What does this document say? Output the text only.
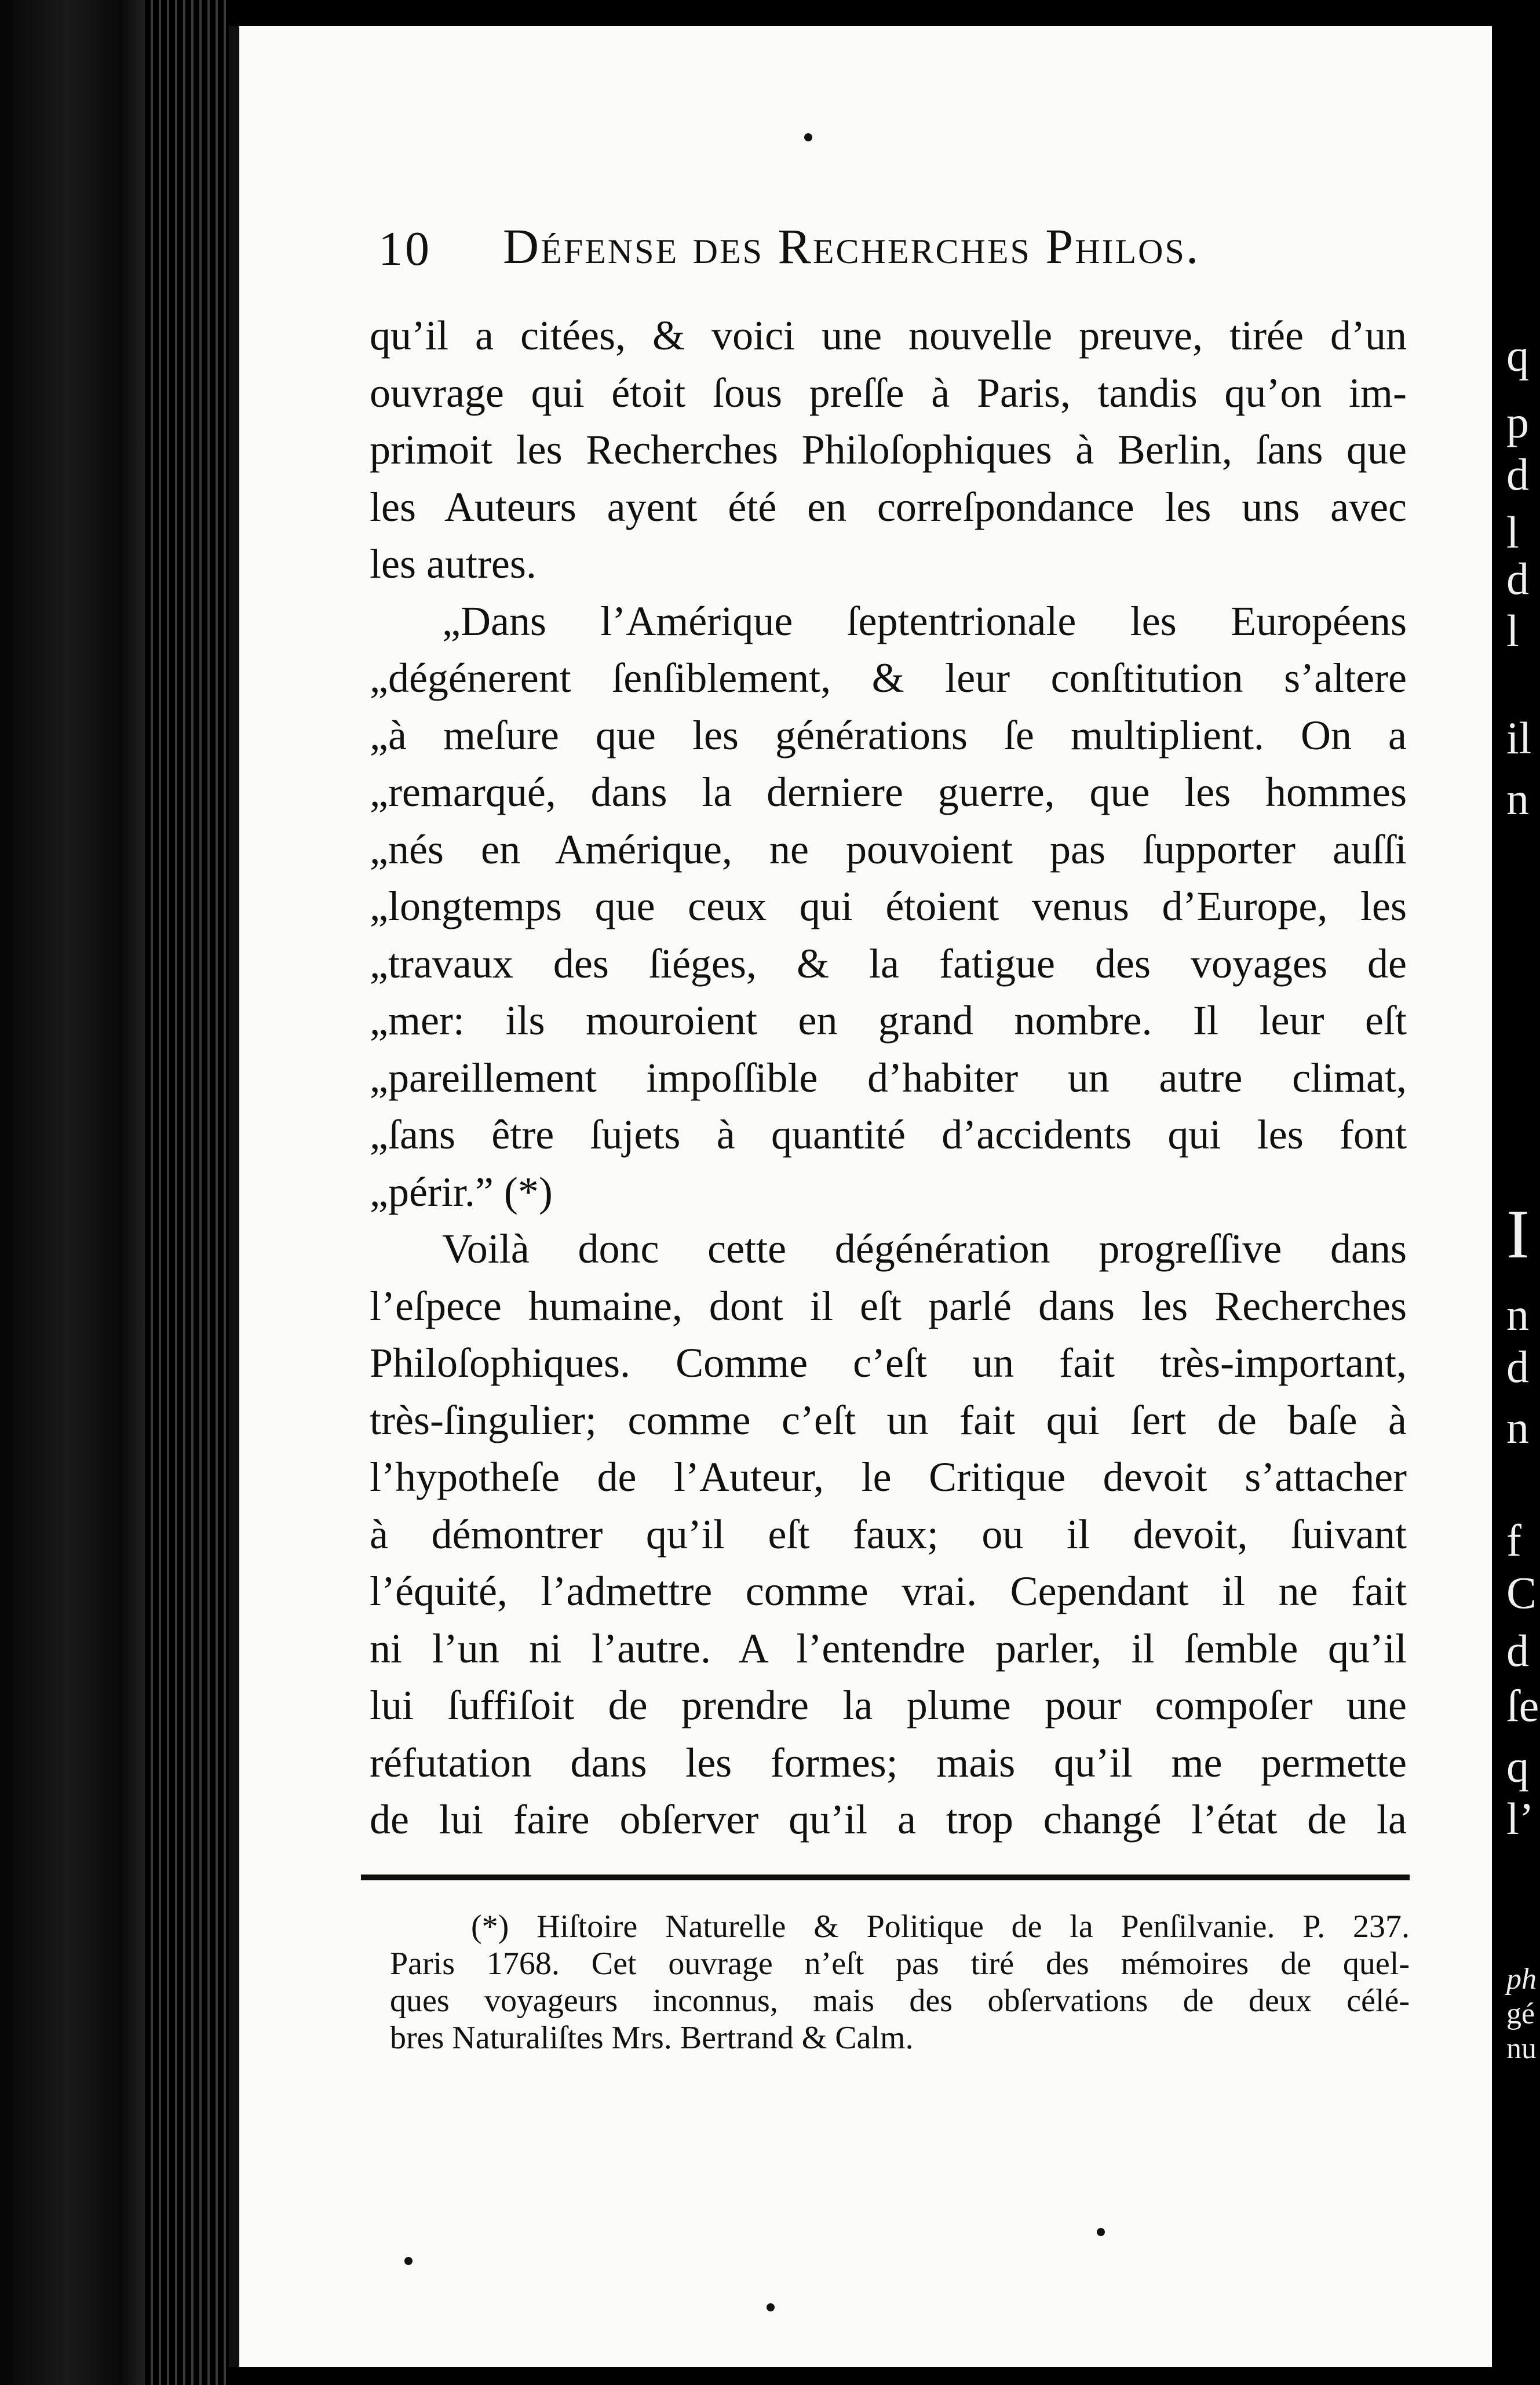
10 Défense des Recherches Philos.
qu’il a citées, & voici une nouvelle preuve, tirée d’un
ouvrage qui étoit ſous preſſe à Paris, tandis qu’on im-
primoit les Recherches Philoſophiques à Berlin, ſans que
les Auteurs ayent été en correſpondance les uns avec
les autres.
„Dans l’Amérique ſeptentrionale les Européens
„dégénerent ſenſiblement, & leur conſtitution s’altere
„à meſure que les générations ſe multiplient. On a
„remarqué, dans la derniere guerre, que les hommes
„nés en Amérique, ne pouvoient pas ſupporter auſſi
„longtemps que ceux qui étoient venus d’Europe, les
„travaux des ſiéges, & la fatigue des voyages de
„mer: ils mouroient en grand nombre. Il leur eſt
„pareillement impoſſible d’habiter un autre climat,
„ſans être ſujets à quantité d’accidents qui les font
„périr.” (*)
Voilà donc cette dégénération progreſſive dans
l’eſpece humaine, dont il eſt parlé dans les Recherches
Philoſophiques. Comme c’eſt un fait très-important,
très-ſingulier; comme c’eſt un fait qui ſert de baſe à
l’hypotheſe de l’Auteur, le Critique devoit s’attacher
à démontrer qu’il eſt faux; ou il devoit, ſuivant
l’équité, l’admettre comme vrai. Cependant il ne fait
ni l’un ni l’autre. A l’entendre parler, il ſemble qu’il
lui ſuffiſoit de prendre la plume pour compoſer une
réfutation dans les formes; mais qu’il me permette
de lui faire obſerver qu’il a trop changé l’état de la
(*) Hiſtoire Naturelle & Politique de la Penſilvanie. P. 237.
Paris 1768. Cet ouvrage n’eſt pas tiré des mémoires de quel-
ques voyageurs inconnus, mais des obſervations de deux célé-
bres Naturaliſtes Mrs. Bertrand & Calm.
q
p
d
l
d
l
il
n
I
n
d
n
f
C
d
ſe
q
l’
ph
gé
nu
